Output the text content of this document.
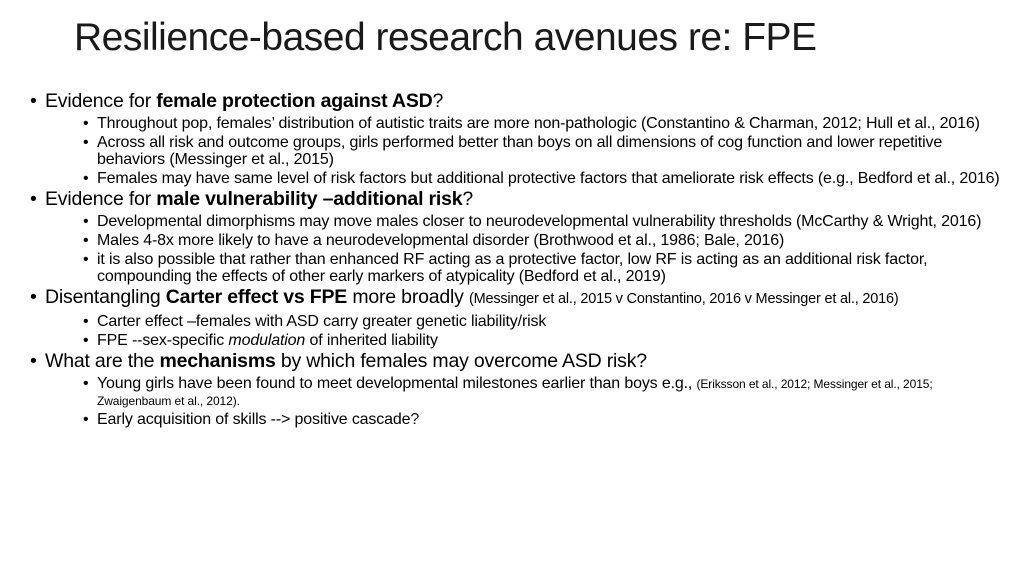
Resilience-based research avenues re: FPE
• Evidence for female protection against ASD?
• Throughout pop, females’ distribution of autistic traits are more non-pathologic (Constantino & Charman, 2012; Hull et al., 2016)
• Across all risk and outcome groups, girls performed better than boys on all dimensions of cog function and lower repetitive behaviors (Messinger et al., 2015)
• Females may have same level of risk factors but additional protective factors that ameliorate risk effects (e.g., Bedford et al., 2016)
• Evidence for male vulnerability –additional risk?
• Developmental dimorphisms may move males closer to neurodevelopmental vulnerability thresholds (McCarthy & Wright, 2016)
• Males 4-8x more likely to have a neurodevelopmental disorder (Brothwood et al., 1986; Bale, 2016)
• it is also possible that rather than enhanced RF acting as a protective factor, low RF is acting as an additional risk factor, compounding the effects of other early markers of atypicality (Bedford et al., 2019)
• Disentangling Carter effect vs FPE more broadly (Messinger et al., 2015 v Constantino, 2016 v Messinger et al., 2016)
• Carter effect –females with ASD carry greater genetic liability/risk
• FPE --sex-specific modulation of inherited liability
• What are the mechanisms by which females may overcome ASD risk?
• Young girls have been found to meet developmental milestones earlier than boys e.g., (Eriksson et al., 2012; Messinger et al., 2015; Zwaigenbaum et al., 2012).
• Early acquisition of skills --> positive cascade?
